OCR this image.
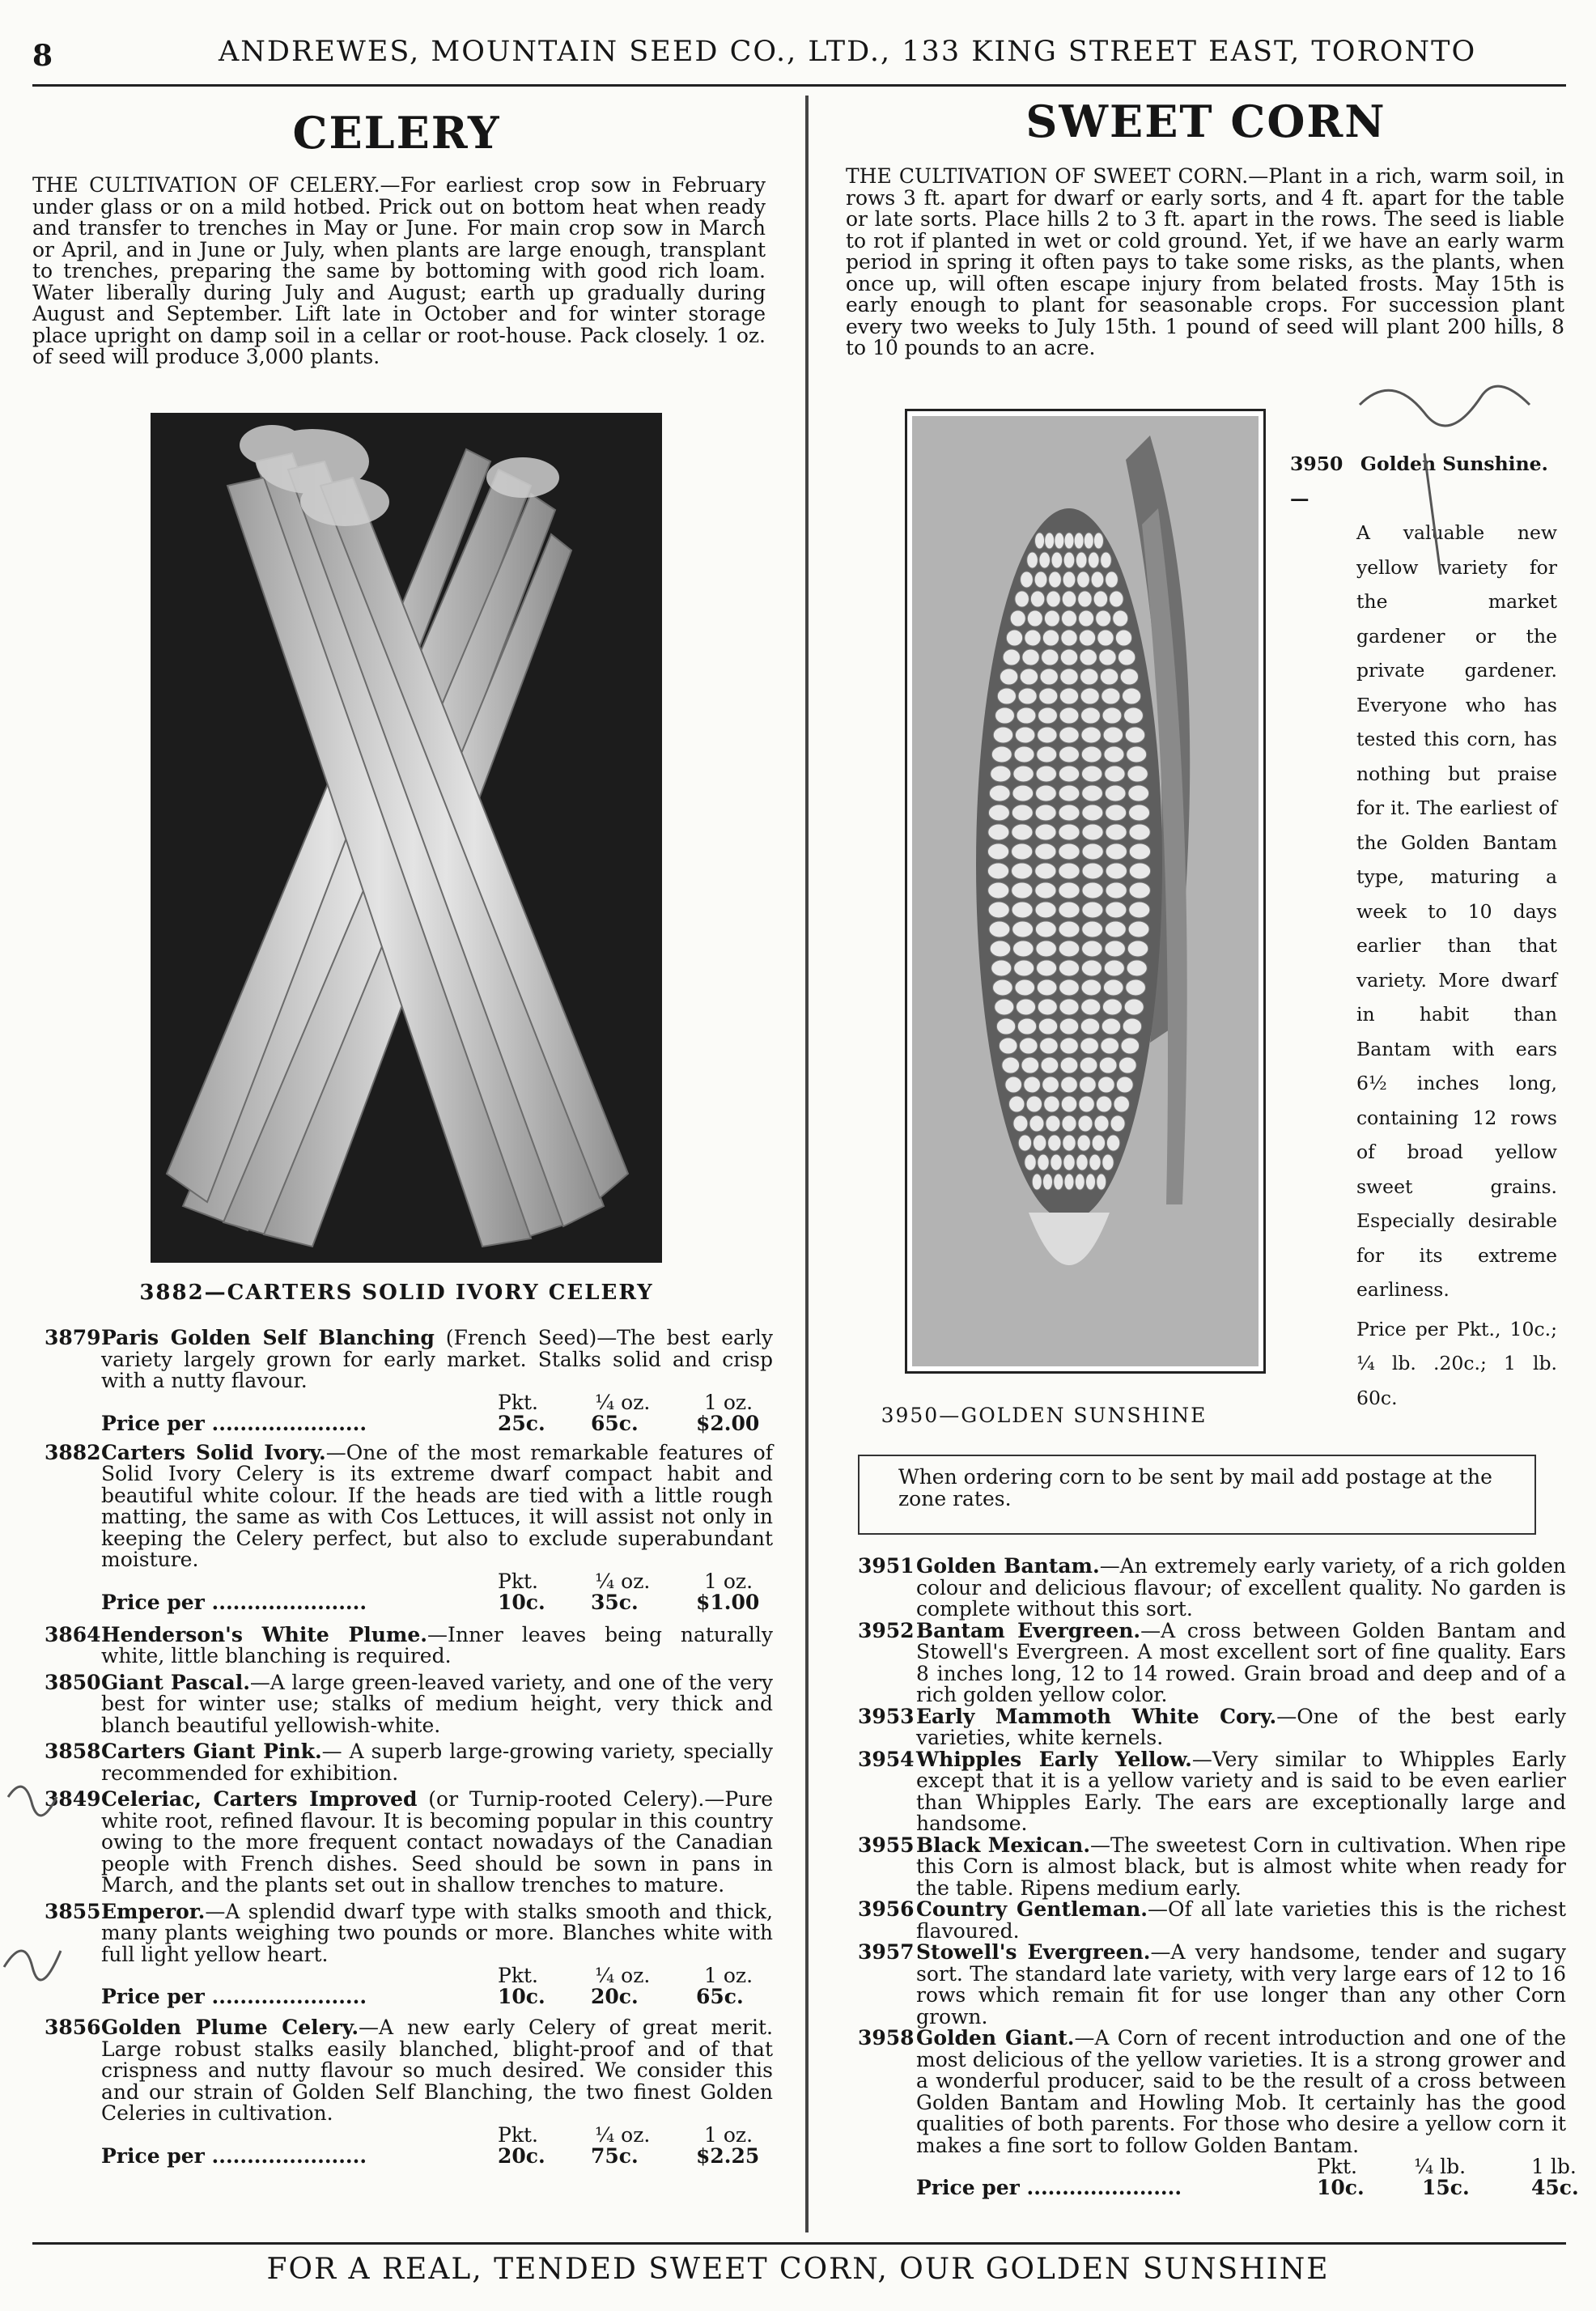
8	ANDREWES, MOUNTAIN SEED CO., LTD., 133 KING STREET EAST, TORONTO
CELERY
THE CULTIVATION OF CELERY.—For earliest crop sow in February under glass or on a mild hotbed. Prick out on bottom heat when ready and transfer to trenches in May or June. For main crop sow in March or April, and in June or July, when plants are large enough, transplant to trenches, preparing the same by bottoming with good rich loam. Water liberally during July and August; earth up gradually during August and September. Lift late in October and for winter storage place upright on damp soil in a cellar or root-house. Pack closely. 1 oz. of seed will produce 3,000 plants.
3882—CARTERS SOLID IVORY CELERY
3879 Paris Golden Self Blanching (French Seed)—The best early variety largely grown for early market. Stalks solid and crisp with a nutty flavour.
Pkt.	¼ oz.	1 oz.
Price per ......................	25c. 65c.	$2.00
3882 Carters Solid Ivory.—One of the most remarkable features of Solid Ivory Celery is its extreme dwarf compact habit and beautiful white colour. If the heads are tied with a little rough matting, the same as with Cos Lettuces, it will assist not only in keeping the Celery perfect, but also to exclude superabundant moisture.
Pkt.	¼ oz.	1 oz.
Price per ......................	10c. 35c.	$1.00
3864 Henderson's White Plume.—Inner leaves being naturally white, little blanching is required.
3850 Giant Pascal.—A large green-leaved variety, and one of the very best for winter use; stalks of medium height, very thick and blanch beautiful yellowish-white.
3858 Carters Giant Pink.— A superb large-growing variety, specially recommended for exhibition.
3849 Celeriac, Carters Improved (or Turnip-rooted Celery).—Pure white root, refined flavour. It is becoming popular in this country owing to the more frequent contact nowadays of the Canadian people with French dishes. Seed should be sown in pans in March, and the plants set out in shallow trenches to mature.
3855 Emperor.—A splendid dwarf type with stalks smooth and thick, many plants weighing two pounds or more. Blanches white with full light yellow heart.
Pkt.	¼ oz.	1 oz.
Price per ......................	10c. 20c.	65c.
3856 Golden Plume Celery.—A new early Celery of great merit. Large robust stalks easily blanched, blight-proof and of that crispness and nutty flavour so much desired. We consider this and our strain of Golden Self Blanching, the two finest Golden Celeries in cultivation.
Pkt.	¼ oz.	1 oz.
Price per ......................	20c. 75c.	$2.25
SWEET CORN
THE CULTIVATION OF SWEET CORN.—Plant in a rich, warm soil, in rows 3 ft. apart for dwarf or early sorts, and 4 ft. apart for the table or late sorts. Place hills 2 to 3 ft. apart in the rows. The seed is liable to rot if planted in wet or cold ground. Yet, if we have an early warm period in spring it often pays to take some risks, as the plants, when once up, will often escape injury from belated frosts. May 15th is early enough to plant for seasonable crops. For succession plant every two weeks to July 15th. 1 pound of seed will plant 200 hills, 8 to 10 pounds to an acre.
3950—GOLDEN SUNSHINE
3950 Golden Sunshine.—
A valuable new yellow variety for the market gardener or the private gardener. Everyone who has tested this corn, has nothing but praise for it. The earliest of the Golden Bantam type, maturing a week to 10 days earlier than that variety. More dwarf in habit than Bantam with ears 6½ inches long, containing 12 rows of broad yellow sweet grains. Especially desirable for its extreme earliness.
Price per Pkt., 10c.; ¼ lb. .20c.; 1 lb. 60c.
When ordering corn to be sent by mail add postage at the zone rates.
3951 Golden Bantam.—An extremely early variety, of a rich golden colour and delicious flavour; of excellent quality. No garden is complete without this sort.
3952 Bantam Evergreen.—A cross between Golden Bantam and Stowell's Evergreen. A most excellent sort of fine quality. Ears 8 inches long, 12 to 14 rowed. Grain broad and deep and of a rich golden yellow color.
3953 Early Mammoth White Cory.—One of the best early varieties, white kernels.
3954 Whipples Early Yellow.—Very similar to Whipples Early except that it is a yellow variety and is said to be even earlier than Whipples Early. The ears are exceptionally large and handsome.
3955 Black Mexican.—The sweetest Corn in cultivation. When ripe this Corn is almost black, but is almost white when ready for the table. Ripens medium early.
3956 Country Gentleman.—Of all late varieties this is the richest flavoured.
3957 Stowell's Evergreen.—A very handsome, tender and sugary sort. The standard late variety, with very large ears of 12 to 16 rows which remain fit for use longer than any other Corn grown.
3958 Golden Giant.—A Corn of recent introduction and one of the most delicious of the yellow varieties. It is a strong grower and a wonderful producer, said to be the result of a cross between Golden Bantam and Howling Mob. It certainly has the good qualities of both parents. For those who desire a yellow corn it makes a fine sort to follow Golden Bantam.
Pkt.	¼ lb.	1 lb.
Price per ......................	10c.	15c.	45c.
FOR A REAL, TENDED SWEET CORN, OUR GOLDEN SUNSHINE
